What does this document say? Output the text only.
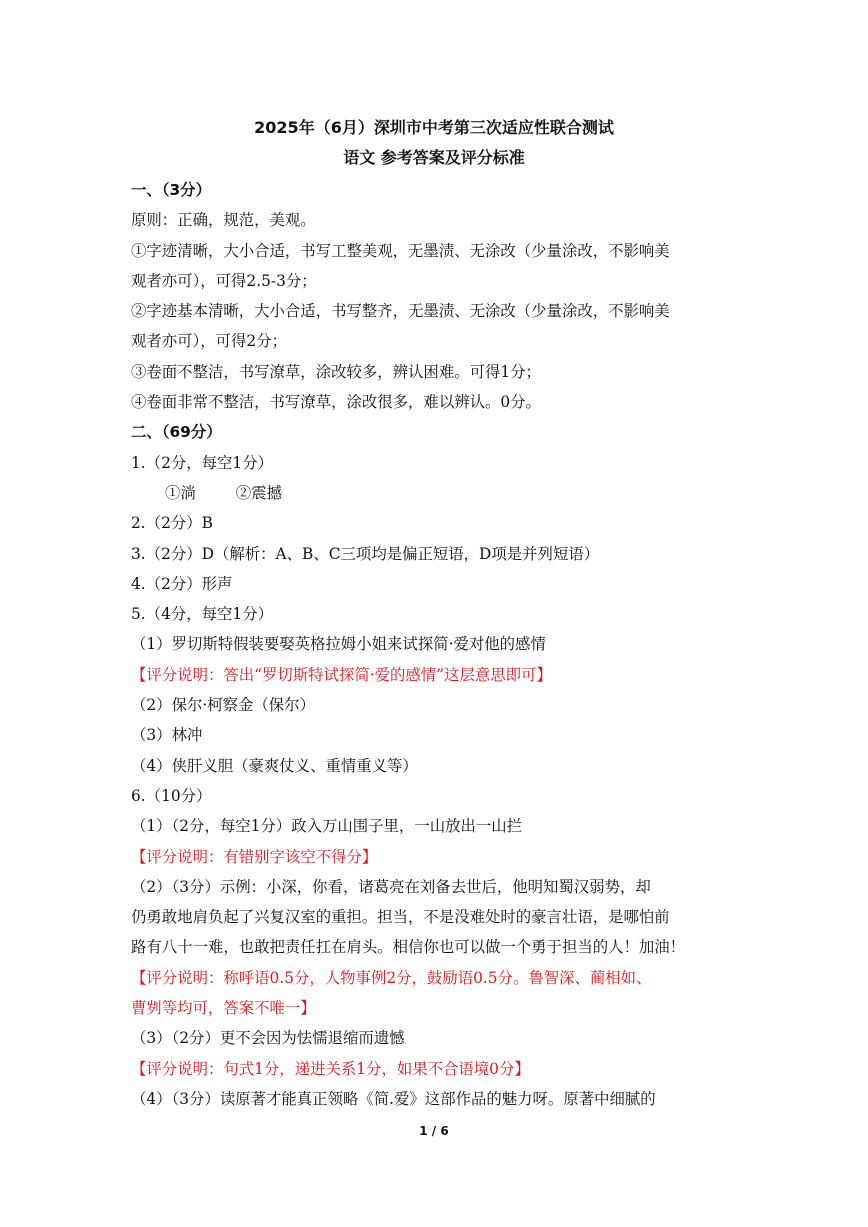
2025年（6月）深圳市中考第三次适应性联合测试
语文 参考答案及评分标准
一、（3分）
原则：正确，规范，美观。
①字迹清晰，大小合适，书写工整美观，无墨渍、无涂改（少量涂改，不影响美
观者亦可），可得2.5-3分；
②字迹基本清晰，大小合适，书写整齐，无墨渍、无涂改（少量涂改，不影响美
观者亦可），可得2分；
③卷面不整洁，书写潦草，涂改较多，辨认困难。可得1分；
④卷面非常不整洁，书写潦草，涂改很多，难以辨认。0分。
二、（69分）
1.（2分，每空1分）
①淌	②震撼
2.（2分）B
3.（2分）D（解析：A、B、C三项均是偏正短语，D项是并列短语）
4.（2分）形声
5.（4分，每空1分）
（1）罗切斯特假装要娶英格拉姆小姐来试探简·爱对他的感情
【评分说明：答出“罗切斯特试探简·爱的感情”这层意思即可】
（2）保尔·柯察金（保尔）
（3）林冲
（4）侠肝义胆（豪爽仗义、重情重义等）
6.（10分）
（1）（2分，每空1分）政入万山围子里，一山放出一山拦
【评分说明：有错别字该空不得分】
（2）（3分）示例：小深，你看，诸葛亮在刘备去世后，他明知蜀汉弱势，却
仍勇敢地肩负起了兴复汉室的重担。担当，不是没难处时的豪言壮语，是哪怕前
路有八十一难，也敢把责任扛在肩头。相信你也可以做一个勇于担当的人！加油！
【评分说明：称呼语0.5分，人物事例2分，鼓励语0.5分。鲁智深、蔺相如、
曹刿等均可，答案不唯一】
（3）（2分）更不会因为怯懦退缩而遗憾
【评分说明：句式1分，递进关系1分，如果不合语境0分】
（4）（3分）读原著才能真正领略《简.爱》这部作品的魅力呀。原著中细腻的
1 / 6
